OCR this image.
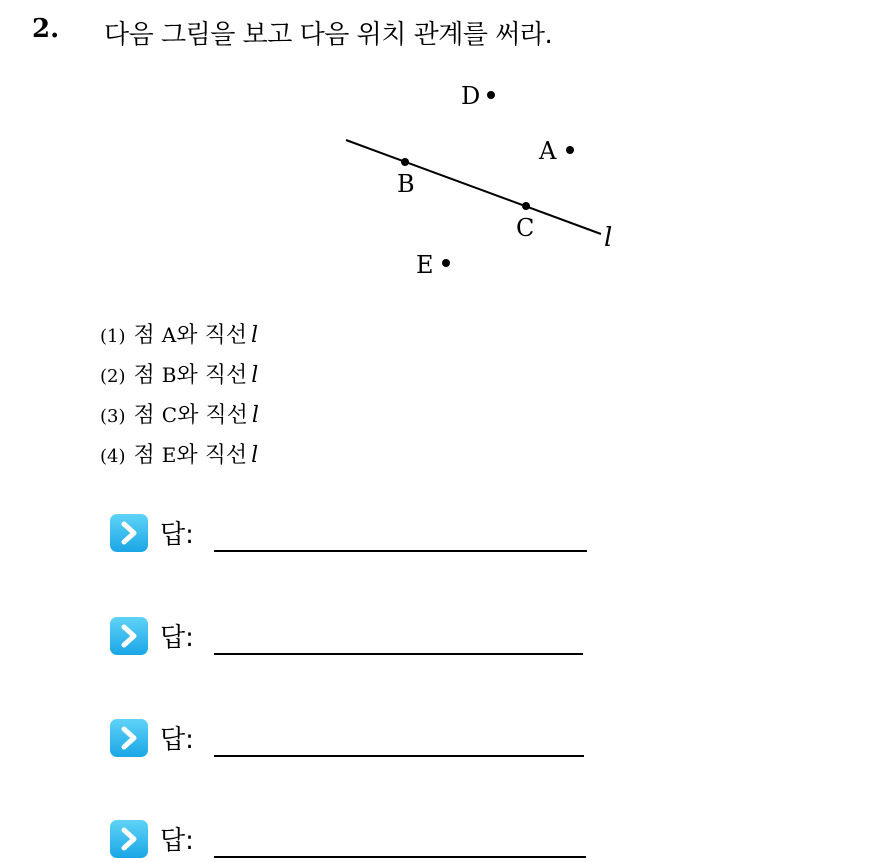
2. 다음 그림을 보고 다음 위치 관계를 써라.
l
D
A
B
C
E
(1) 점
A 와 직선 l
(2) 점
B 와 직선 l
(3) 점
C 와 직선 l
(4) 점
E 와 직선 l
답:
답:
답:
답:
